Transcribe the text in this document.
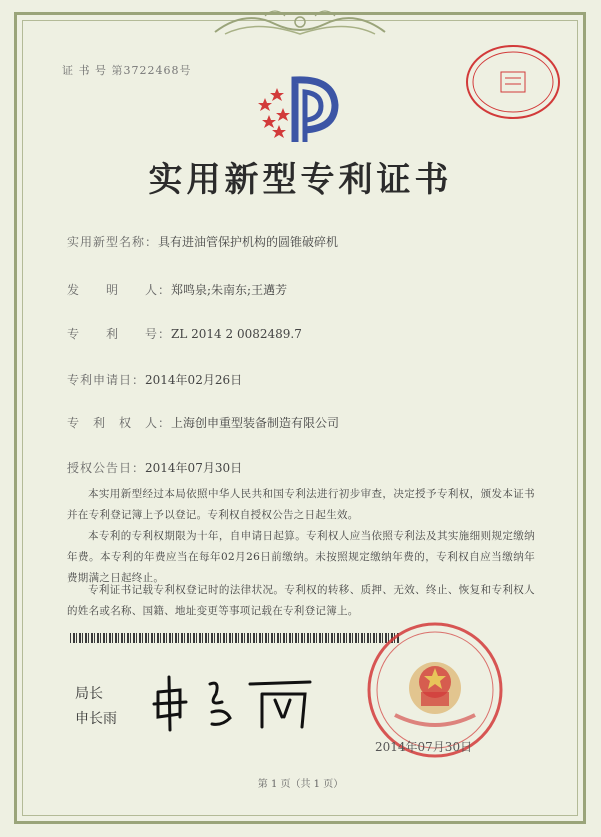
证 书 号 第3722468号
实用新型专利证书
实用新型名称：具有进油管保护机构的圆锥破碎机
发　　明　　人：郑鸣泉;朱南东;王邁芳
专　　利　　号：ZL 2014 2 0082489.7
专利申请日：2014年02月26日
专　利　权　人：上海创申重型装备制造有限公司
授权公告日：2014年07月30日
本实用新型经过本局依照中华人民共和国专利法进行初步审查，决定授予专利权，颁发本证书并在专利登记簿上予以登记。专利权自授权公告之日起生效。
本专利的专利权期限为十年，自申请日起算。专利权人应当依照专利法及其实施细则规定缴纳年费。本专利的年费应当在每年02月26日前缴纳。未按照规定缴纳年费的，专利权自应当缴纳年费期满之日起终止。
专利证书记载专利权登记时的法律状况。专利权的转移、质押、无效、终止、恢复和专利权人的姓名或名称、国籍、地址变更等事项记载在专利登记簿上。
局长
申长雨
2014年07月30日
第 1 页（共 1 页）
